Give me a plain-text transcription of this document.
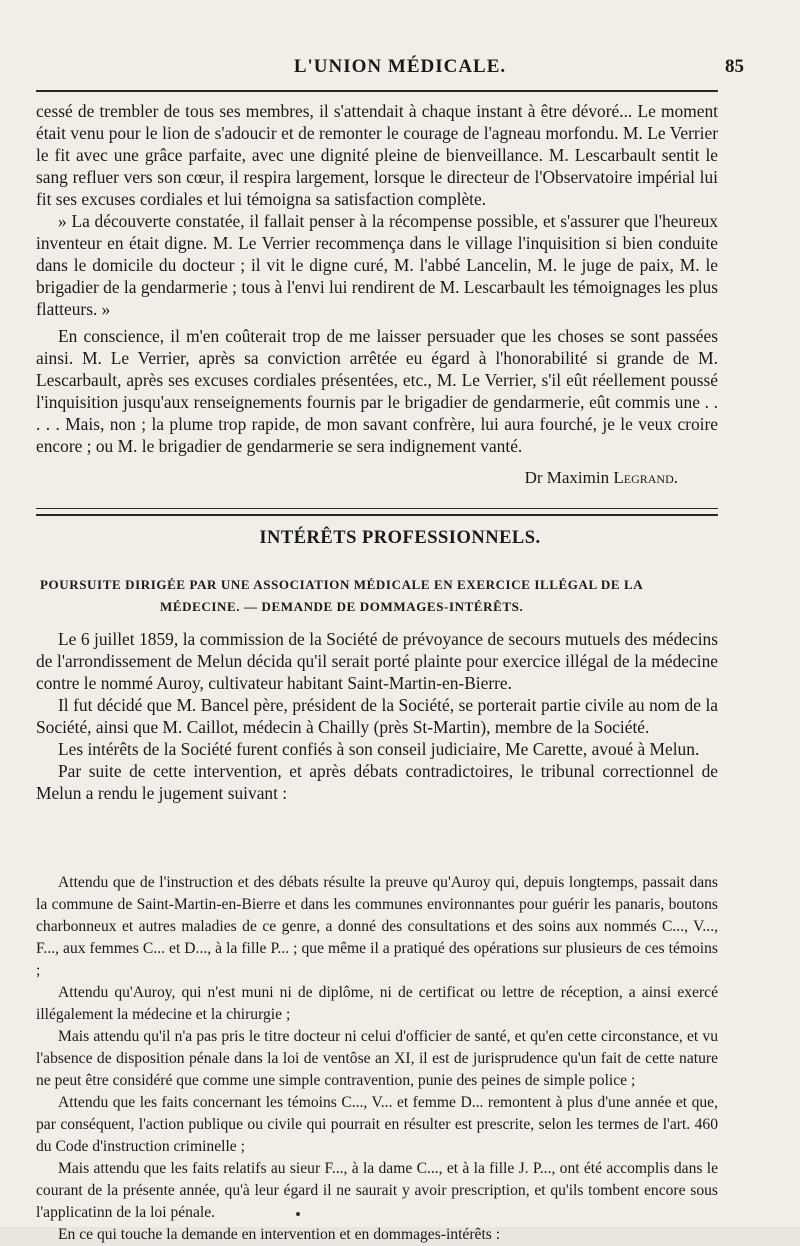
L'UNION MÉDICALE.	85

cessé de trembler de tous ses membres, il s'attendait à chaque instant à être dévoré... Le moment était venu pour le lion de s'adoucir et de remonter le courage de l'agneau morfondu. M. Le Verrier le fit avec une grâce parfaite, avec une dignité pleine de bienveillance. M. Lescarbault sentit le sang refluer vers son cœur, il respira largement, lorsque le directeur de l'Observatoire impérial lui fit ses excuses cordiales et lui témoigna sa satisfaction complète.

» La découverte constatée, il fallait penser à la récompense possible, et s'assurer que l'heureux inventeur en était digne. M. Le Verrier recommença dans le village l'inquisition si bien conduite dans le domicile du docteur ; il vit le digne curé, M. l'abbé Lancelin, M. le juge de paix, M. le brigadier de la gendarmerie ; tous à l'envi lui rendirent de M. Lescarbault les témoignages les plus flatteurs. »

En conscience, il m'en coûterait trop de me laisser persuader que les choses se sont passées ainsi. M. Le Verrier, après sa conviction arrêtée eu égard à l'honorabilité si grande de M. Lescarbault, après ses excuses cordiales présentées, etc., M. Le Verrier, s'il eût réellement poussé l'inquisition jusqu'aux renseignements fournis par le brigadier de gendarmerie, eût commis une . . . . . Mais, non ; la plume trop rapide, de mon savant confrère, lui aura fourché, je le veux croire encore ; ou M. le brigadier de gendarmerie se sera indignement vanté.

Dr Maximin Legrand.
INTÉRÊTS PROFESSIONNELS.
POURSUITE DIRIGÉE PAR UNE ASSOCIATION MÉDICALE EN EXERCICE ILLÉGAL DE LA
MÉDECINE. — DEMANDE DE DOMMAGES-INTÉRÊTS.

Le 6 juillet 1859, la commission de la Société de prévoyance de secours mutuels des médecins de l'arrondissement de Melun décida qu'il serait porté plainte pour exercice illégal de la médecine contre le nommé Auroy, cultivateur habitant Saint-Martin-en-Bierre.

Il fut décidé que M. Bancel père, président de la Société, se porterait partie civile au nom de la Société, ainsi que M. Caillot, médecin à Chailly (près St-Martin), membre de la Société.

Les intérêts de la Société furent confiés à son conseil judiciaire, Me Carette, avoué à Melun.

Par suite de cette intervention, et après débats contradictoires, le tribunal correctionnel de Melun a rendu le jugement suivant :

Attendu que de l'instruction et des débats résulte la preuve qu'Auroy qui, depuis longtemps, passait dans la commune de Saint-Martin-en-Bierre et dans les communes environnantes pour guérir les panaris, boutons charbonneux et autres maladies de ce genre, a donné des consultations et des soins aux nommés C..., V..., F..., aux femmes C... et D..., à la fille P... ; que même il a pratiqué des opérations sur plusieurs de ces témoins ;

Attendu qu'Auroy, qui n'est muni ni de diplôme, ni de certificat ou lettre de réception, a ainsi exercé illégalement la médecine et la chirurgie ;

Mais attendu qu'il n'a pas pris le titre docteur ni celui d'officier de santé, et qu'en cette circonstance, et vu l'absence de disposition pénale dans la loi de ventôse an XI, il est de jurisprudence qu'un fait de cette nature ne peut être considéré que comme une simple contravention, punie des peines de simple police ;

Attendu que les faits concernant les témoins C..., V... et femme D... remontent à plus d'une année et que, par conséquent, l'action publique ou civile qui pourrait en résulter est prescrite, selon les termes de l'art. 460 du Code d'instruction criminelle ;

Mais attendu que les faits relatifs au sieur F..., à la dame C..., et à la fille J. P..., ont été accomplis dans le courant de la présente année, qu'à leur égard il ne saurait y avoir prescription, et qu'ils tombent encore sous l'applicatinn de la loi pénale.

En ce qui touche la demande en intervention et en dommages-intérêts :
